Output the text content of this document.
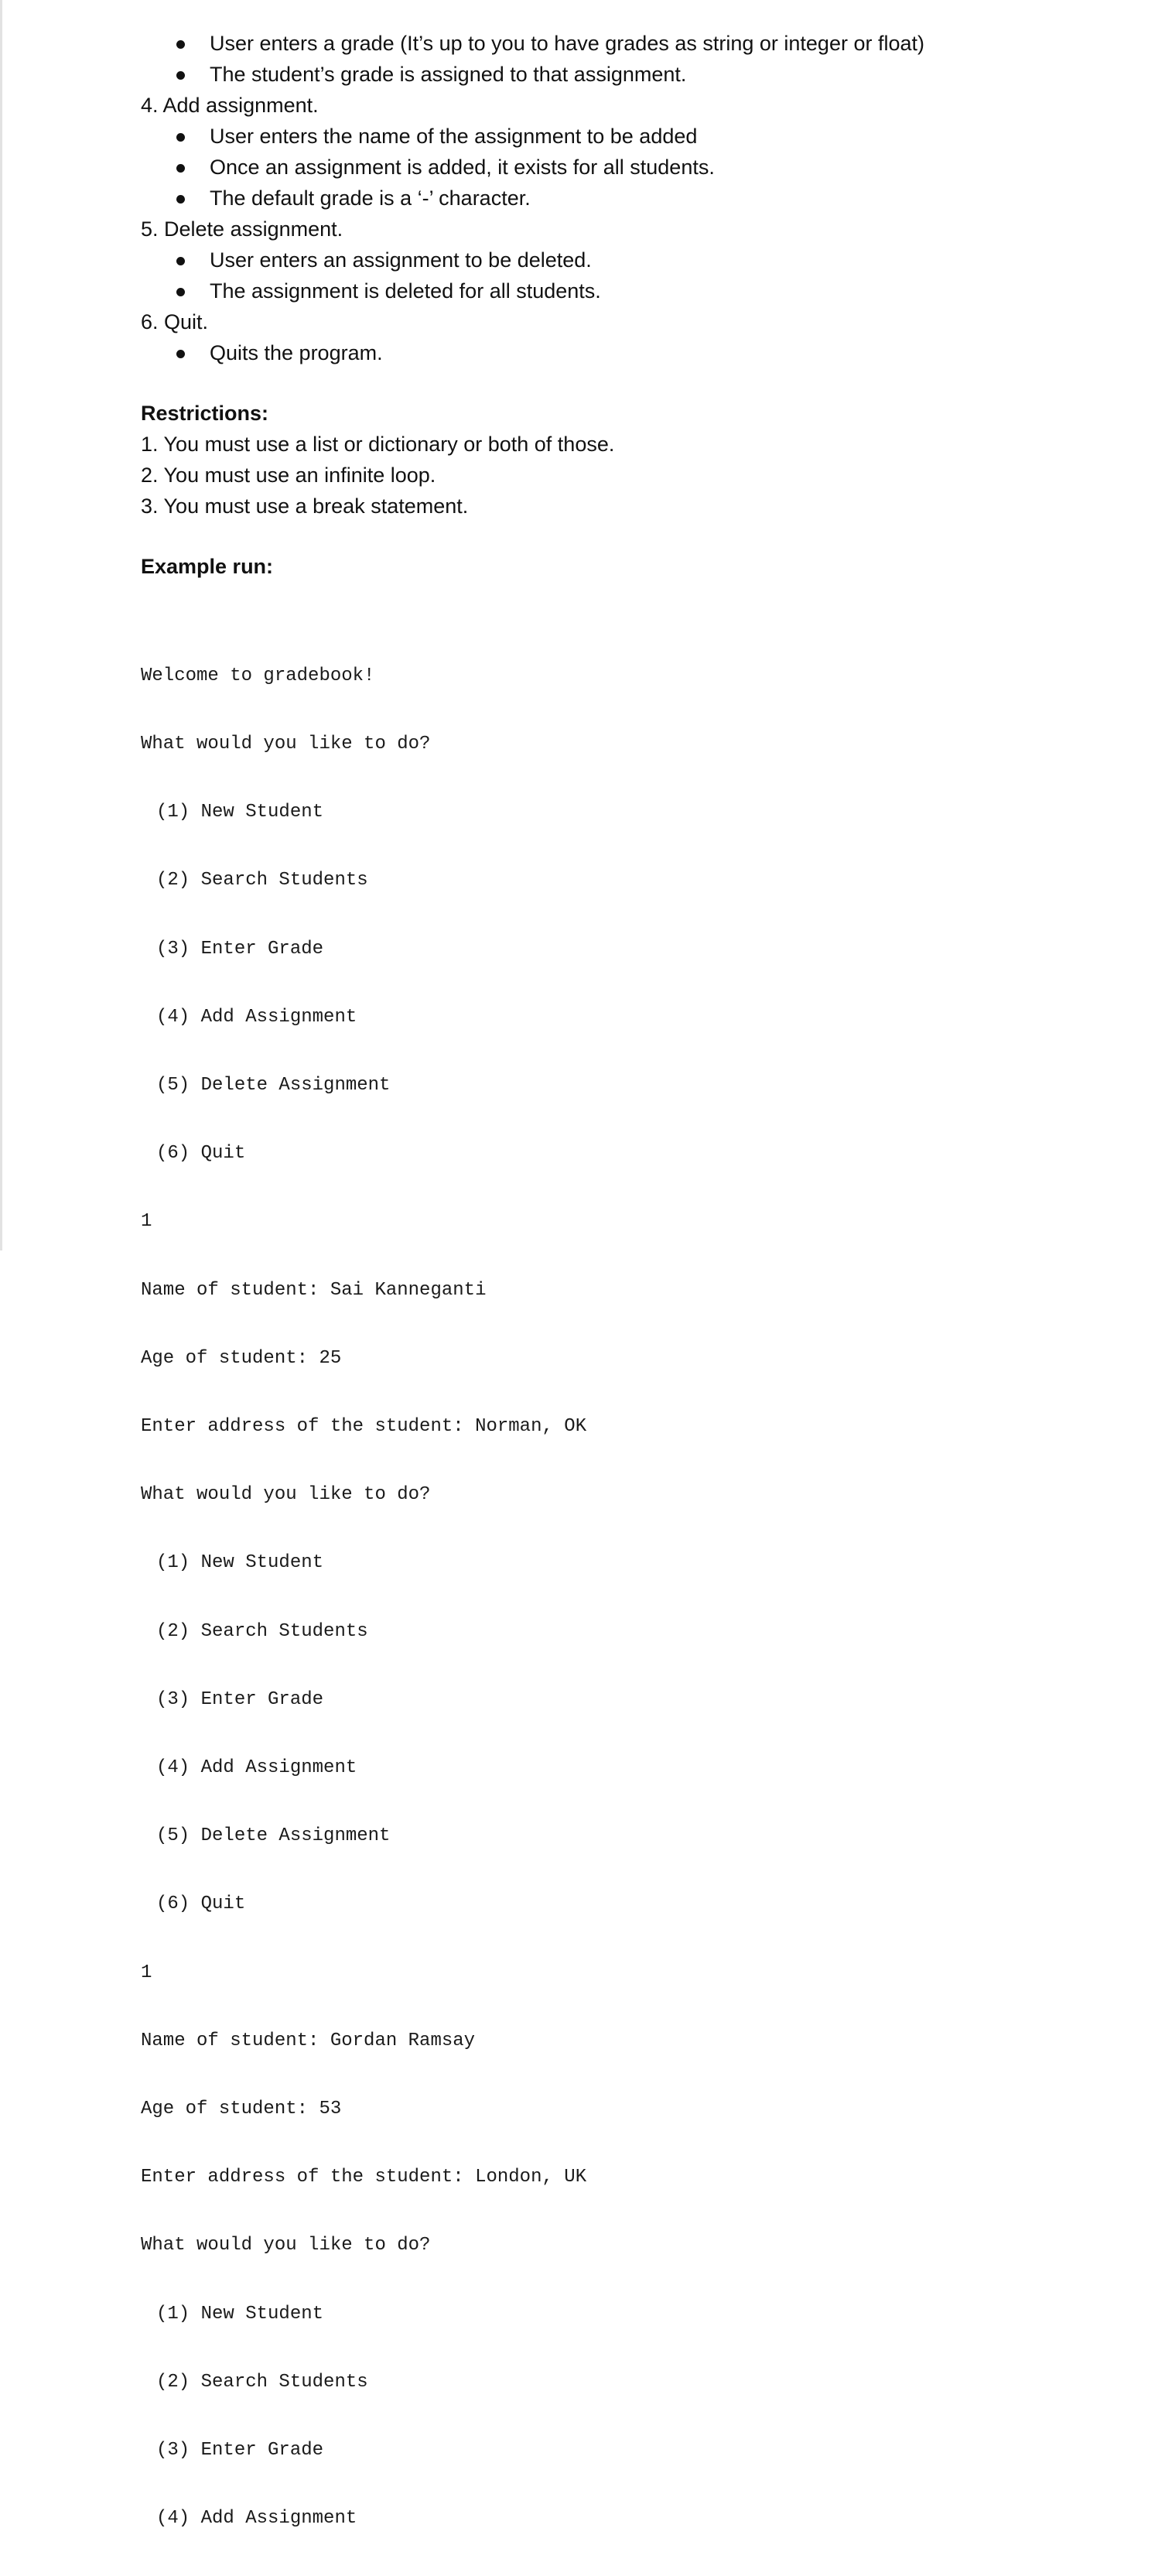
User enters a grade (It’s up to you to have grades as string or integer or float)
The student’s grade is assigned to that assignment.
4. Add assignment.
User enters the name of the assignment to be added
Once an assignment is added, it exists for all students.
The default grade is a ‘-’ character.
5. Delete assignment.
User enters an assignment to be deleted.
The assignment is deleted for all students.
6. Quit.
Quits the program.
Restrictions:
1. You must use a list or dictionary or both of those.
2. You must use an infinite loop.
3. You must use a break statement.
Example run:

Welcome to gradebook!

What would you like to do?

(1) New Student

(2) Search Students

(3) Enter Grade

(4) Add Assignment

(5) Delete Assignment

(6) Quit

1

Name of student: Sai Kanneganti

Age of student: 25

Enter address of the student: Norman, OK

What would you like to do?

(1) New Student

(2) Search Students

(3) Enter Grade

(4) Add Assignment

(5) Delete Assignment

(6) Quit

1

Name of student: Gordan Ramsay

Age of student: 53

Enter address of the student: London, UK

What would you like to do?

(1) New Student

(2) Search Students

(3) Enter Grade

(4) Add Assignment
